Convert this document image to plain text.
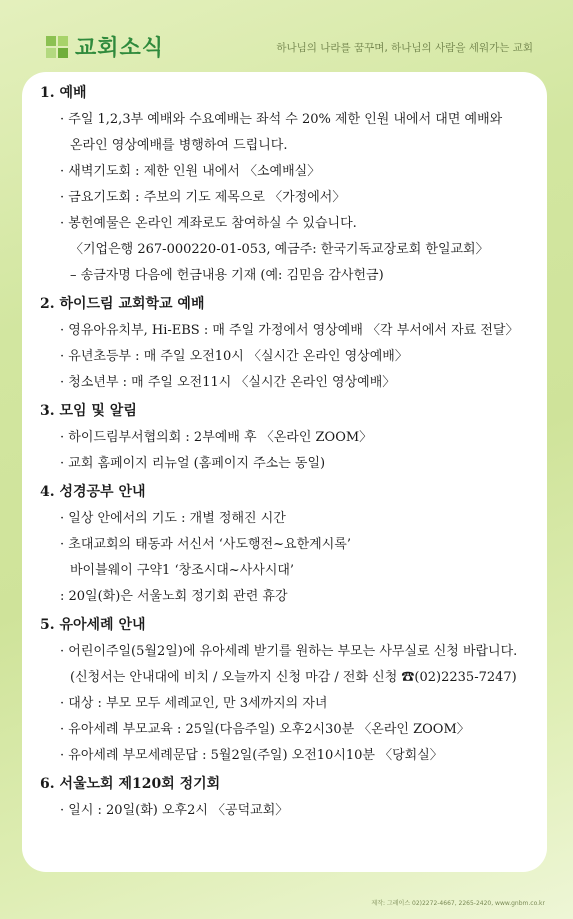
교회소식	하나님의 나라를 꿈꾸며, 하나님의 사람을 세워가는 교회
1. 예배
· 주일 1,2,3부 예배와 수요예배는 좌석 수 20% 제한 인원 내에서 대면 예배와
온라인 영상예배를 병행하여 드립니다.
· 새벽기도회 : 제한 인원 내에서 〈소예배실〉
· 금요기도회 : 주보의 기도 제목으로 〈가정에서〉
· 봉헌예물은 온라인 계좌로도 참여하실 수 있습니다.
〈기업은행 267-000220-01-053, 예금주: 한국기독교장로회 한일교회〉
– 송금자명 다음에 헌금내용 기재 (예: 김믿음 감사헌금)
2. 하이드림 교회학교 예배
· 영유아유치부, Hi-EBS : 매 주일 가정에서 영상예배 〈각 부서에서 자료 전달〉
· 유년초등부 : 매 주일 오전10시 〈실시간 온라인 영상예배〉
· 청소년부 : 매 주일 오전11시 〈실시간 온라인 영상예배〉
3. 모임 및 알림
· 하이드림부서협의회 : 2부예배 후 〈온라인 ZOOM〉
· 교회 홈페이지 리뉴얼 (홈페이지 주소는 동일)
4. 성경공부 안내
· 일상 안에서의 기도 : 개별 정해진 시간
· 초대교회의 태동과 서신서 ‘사도행전~요한계시록’
바이블웨이 구약1 ‘창조시대~사사시대’
: 20일(화)은 서울노회 정기회 관련 휴강
5. 유아세례 안내
· 어린이주일(5월2일)에 유아세례 받기를 원하는 부모는 사무실로 신청 바랍니다.
(신청서는 안내대에 비치 / 오늘까지 신청 마감 / 전화 신청 ☎(02)2235-7247)
· 대상 : 부모 모두 세례교인, 만 3세까지의 자녀
· 유아세례 부모교육 : 25일(다음주일) 오후2시30분 〈온라인 ZOOM〉
· 유아세례 부모세례문답 : 5월2일(주일) 오전10시10분 〈당회실〉
6. 서울노회 제120회 정기회
· 일시 : 20일(화) 오후2시 〈공덕교회〉
제작: 그레이스 02)2272-4667, 2265-2420, www.gnbm.co.kr
